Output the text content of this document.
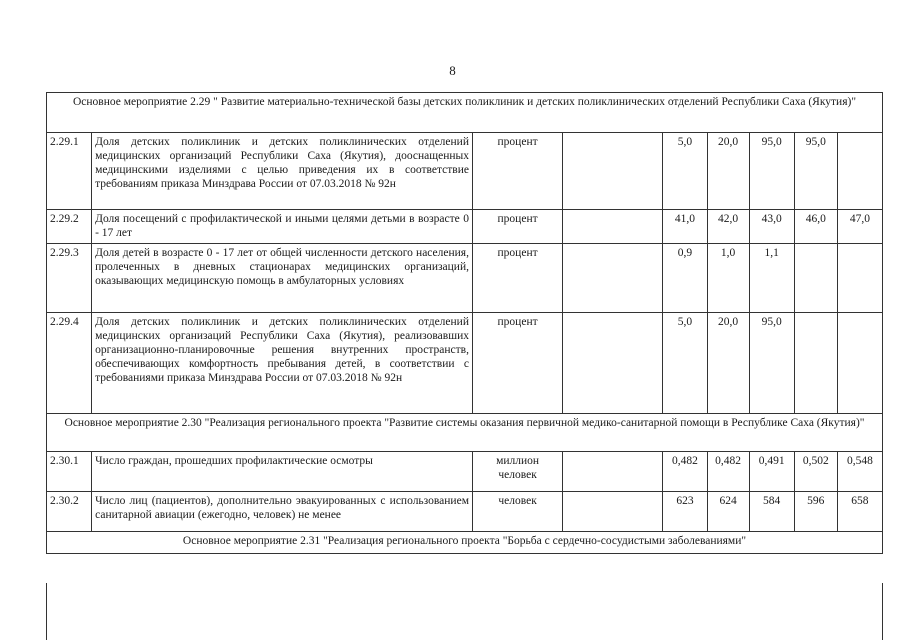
8
Основное мероприятие 2.29 " Развитие материально-технической базы детских поликлиник и детских поликлинических отделений Республики Саха (Якутия)"								
2.29.1	Доля детских поликлиник и детских поликлинических отделений медицинских организаций Республики Саха (Якутия), дооснащенных медицинскими изделиями с целью приведения их в соответствие требованиям приказа Минздрава России от 07.03.2018 № 92н	процент		5,0	20,0	95,0	95,0	
2.29.2	Доля посещений с профилактической и иными целями детьми в возрасте 0 - 17 лет	процент		41,0	42,0	43,0	46,0	47,0
2.29.3	Доля детей в возрасте 0 - 17 лет от общей численности детского населения, пролеченных в дневных стационарах медицинских организаций, оказывающих медицинскую помощь в амбулаторных условиях	процент		0,9	1,0	1,1		
2.29.4	Доля детских поликлиник и детских поликлинических отделений медицинских организаций Республики Саха (Якутия), реализовавших организационно-планировочные решения внутренних пространств, обеспечивающих комфортность пребывания детей, в соответствии с требованиями приказа Минздрава России от 07.03.2018 № 92н	процент		5,0	20,0	95,0		
Основное мероприятие 2.30 "Реализация регионального проекта "Развитие системы оказания первичной медико-санитарной помощи в Республике Саха (Якутия)"								
2.30.1	Число граждан, прошедших профилактические осмотры	миллион человек		0,482	0,482	0,491	0,502	0,548
2.30.2	Число лиц (пациентов), дополнительно эвакуированных с использованием санитарной авиации (ежегодно, человек) не менее	человек		623	624	584	596	658
Основное мероприятие 2.31 "Реализация регионального проекта "Борьба с сердечно-сосудистыми заболеваниями"								
